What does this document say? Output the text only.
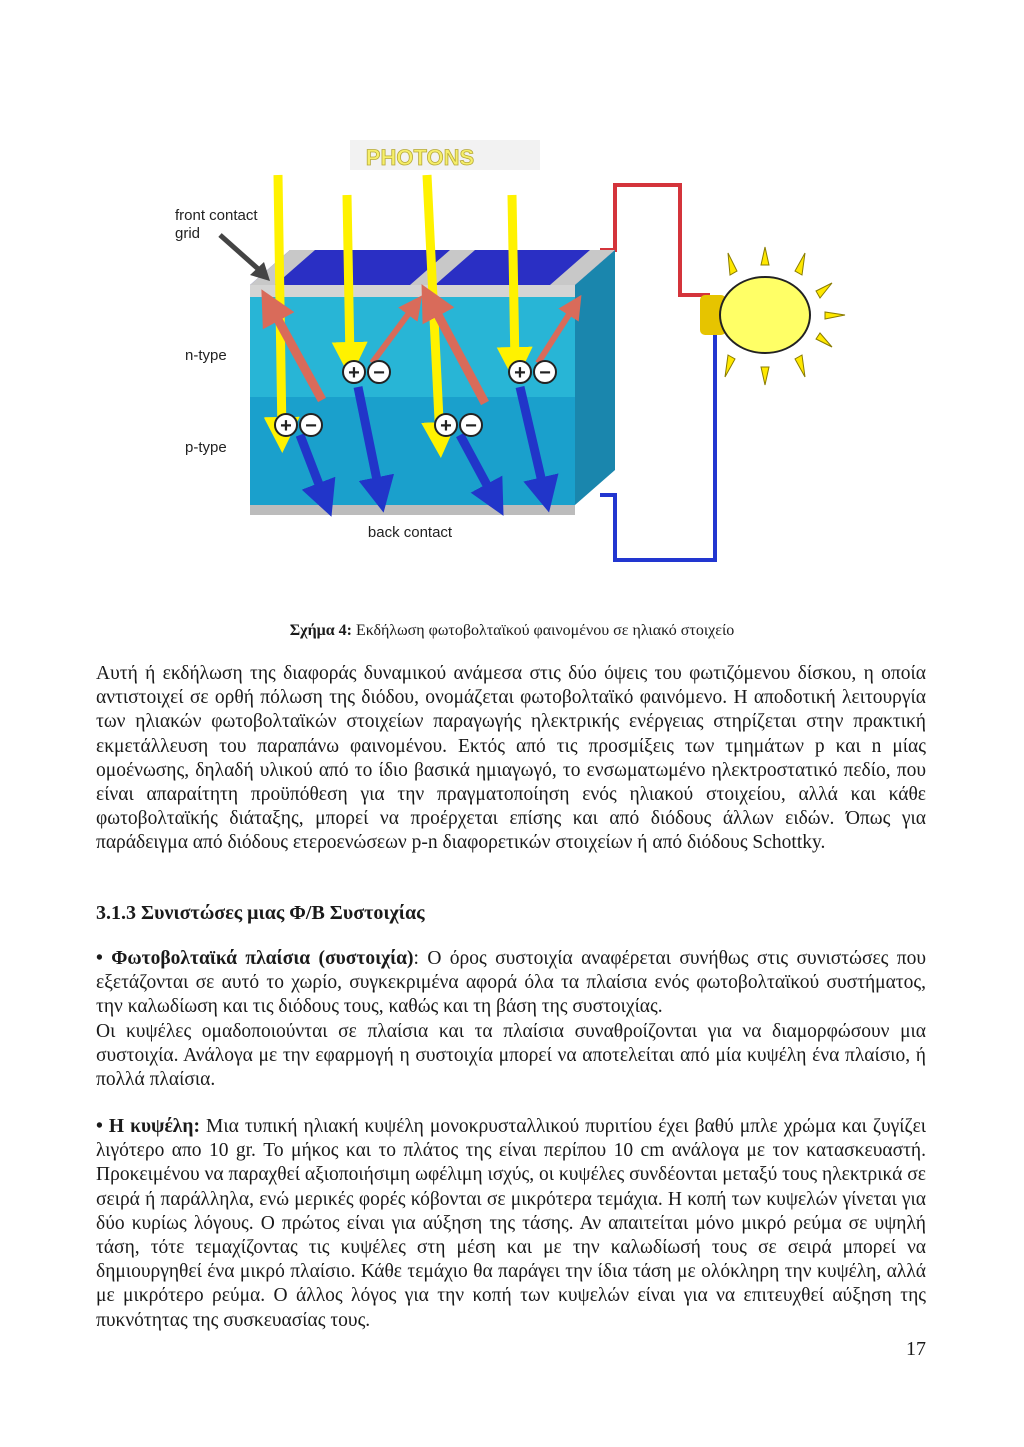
PHOTONS
+ −
+ −
+ −
+ −
front contact
grid
n-type
p-type
back contact
Σχήμα 4: Εκδήλωση φωτοβολταϊκού φαινομένου σε ηλιακό στοιχείο
Αυτή ή εκδήλωση της διαφοράς δυναμικού ανάμεσα στις δύο όψεις του φωτιζόμενου δίσκου, η οποία αντιστοιχεί σε ορθή πόλωση της διόδου, ονομάζεται φωτοβολταϊκό φαινόμενο. Η αποδοτική λειτουργία των ηλιακών φωτοβολταϊκών στοιχείων παραγωγής ηλεκτρικής ενέργειας στηρίζεται στην πρακτική εκμετάλλευση του παραπάνω φαινομένου. Εκτός από τις προσμίξεις των τμημάτων p και n μίας ομοένωσης, δηλαδή υλικού από το ίδιο βασικά ημιαγωγό, το ενσωματωμένο ηλεκτροστατικό πεδίο, που είναι απαραίτητη προϋπόθεση για την πραγματοποίηση ενός ηλιακού στοιχείου, αλλά και κάθε φωτοβολταϊκής διάταξης, μπορεί να προέρχεται επίσης και από διόδους άλλων ειδών. Όπως για παράδειγμα από διόδους ετεροενώσεων p-n διαφορετικών στοιχείων ή από διόδους Schottky.
3.1.3 Συνιστώσες μιας Φ/Β Συστοιχίας
• Φωτοβολταϊκά πλαίσια (συστοιχία): Ο όρος συστοιχία αναφέρεται συνήθως στις συνιστώσες που εξετάζονται σε αυτό το χωρίο, συγκεκριμένα αφορά όλα τα πλαίσια ενός φωτοβολταϊκού συστήματος, την καλωδίωση και τις διόδους τους, καθώς και τη βάση της συστοιχίας.
Οι κυψέλες ομαδοποιούνται σε πλαίσια και τα πλαίσια συναθροίζονται για να διαμορφώσουν μια συστοιχία. Ανάλογα με την εφαρμογή η συστοιχία μπορεί να αποτελείται από μία κυψέλη ένα πλαίσιο, ή πολλά πλαίσια.
• Η κυψέλη: Μια τυπική ηλιακή κυψέλη μονοκρυσταλλικού πυριτίου έχει βαθύ μπλε χρώμα και ζυγίζει λιγότερο απο 10 gr. Το μήκος και το πλάτος της είναι περίπου 10 cm ανάλογα με τον κατασκευαστή. Προκειμένου να παραχθεί αξιοποιήσιμη ωφέλιμη ισχύς, οι κυψέλες συνδέονται μεταξύ τους ηλεκτρικά σε σειρά ή παράλληλα, ενώ μερικές φορές κόβονται σε μικρότερα τεμάχια. Η κοπή των κυψελών γίνεται για δύο κυρίως λόγους. Ο πρώτος είναι για αύξηση της τάσης. Αν απαιτείται μόνο μικρό ρεύμα σε υψηλή τάση, τότε τεμαχίζοντας τις κυψέλες στη μέση και με την καλωδίωσή τους σε σειρά μπορεί να δημιουργηθεί ένα μικρό πλαίσιο. Κάθε τεμάχιο θα παράγει την ίδια τάση με ολόκληρη την κυψέλη, αλλά με μικρότερο ρεύμα. Ο άλλος λόγος για την κοπή των κυψελών είναι για να επιτευχθεί αύξηση της πυκνότητας της συσκευασίας τους.
17
